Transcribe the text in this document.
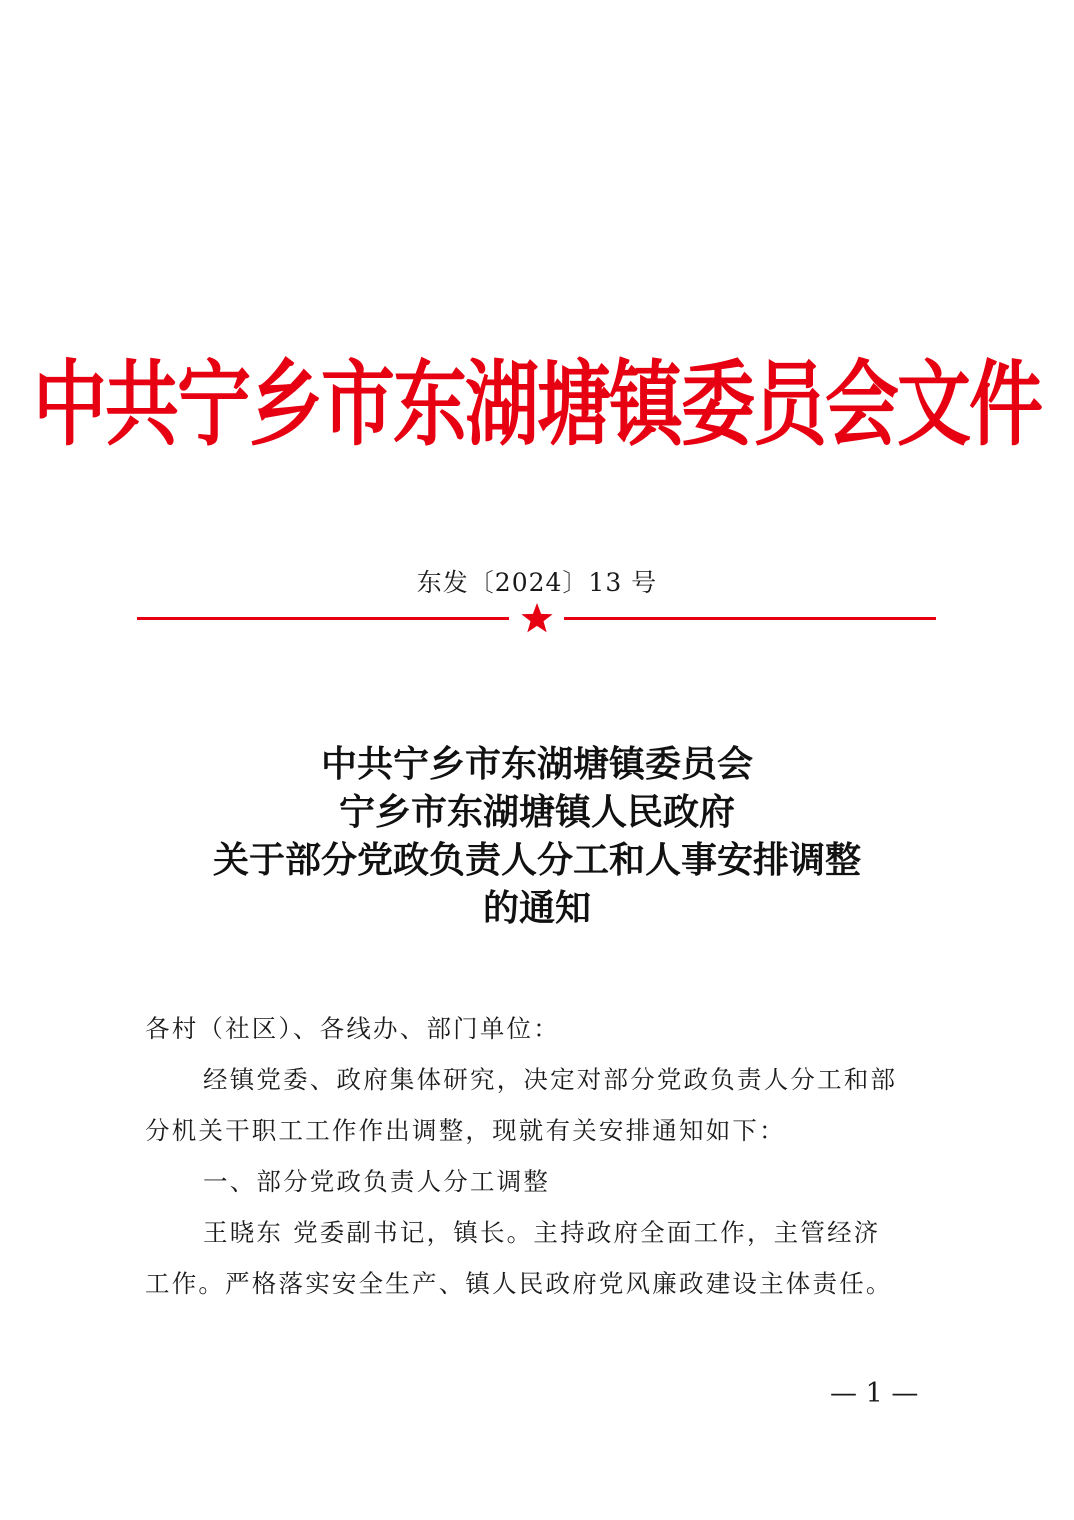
中共宁乡市东湖塘镇委员会文件
东发〔2024〕13 号
中共宁乡市东湖塘镇委员会
宁乡市东湖塘镇人民政府
关于部分党政负责人分工和人事安排调整
的通知

各村（社区）、各线办、部门单位：

经镇党委、政府集体研究，决定对部分党政负责人分工和部

分机关干职工工作作出调整，现就有关安排通知如下：

一、部分党政负责人分工调整

王晓东 党委副书记，镇长。主持政府全面工作，主管经济

工作。严格落实安全生产、镇人民政府党风廉政建设主体责任。

— 1 —
